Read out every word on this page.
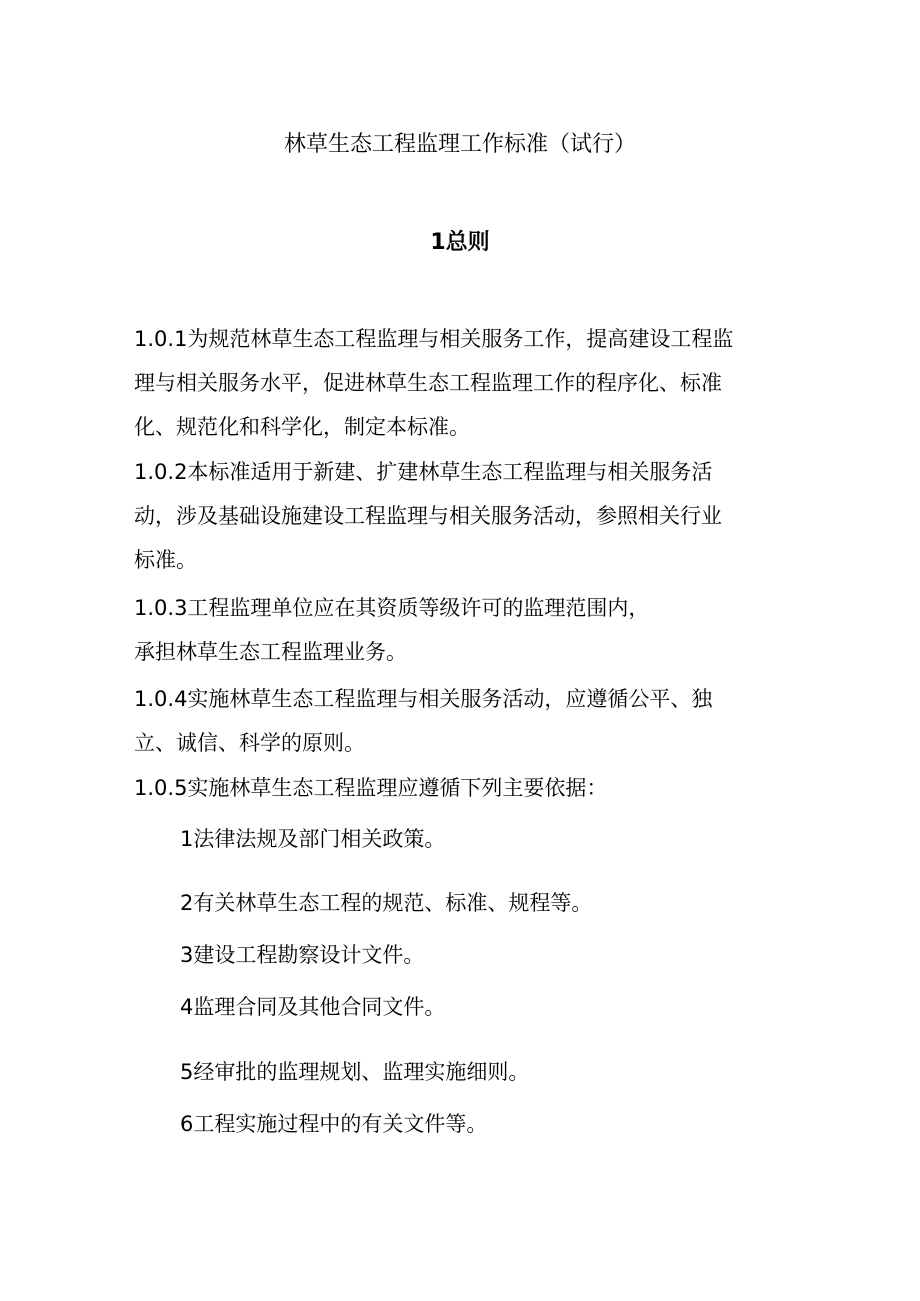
林草生态工程监理工作标准（试行）
1总则
1.0.1为规范林草生态工程监理与相关服务工作，提高建设工程监
理与相关服务水平，促进林草生态工程监理工作的程序化、标准
化、规范化和科学化，制定本标准。
1.0.2本标准适用于新建、扩建林草生态工程监理与相关服务活
动，涉及基础设施建设工程监理与相关服务活动，参照相关行业
标准。
1.0.3工程监理单位应在其资质等级许可的监理范围内，
承担林草生态工程监理业务。
1.0.4实施林草生态工程监理与相关服务活动，应遵循公平、独
立、诚信、科学的原则。
1.0.5实施林草生态工程监理应遵循下列主要依据：

1法律法规及部门相关政策。

2有关林草生态工程的规范、标准、规程等。

3建设工程勘察设计文件。

4监理合同及其他合同文件。

5经审批的监理规划、监理实施细则。

6工程实施过程中的有关文件等。
